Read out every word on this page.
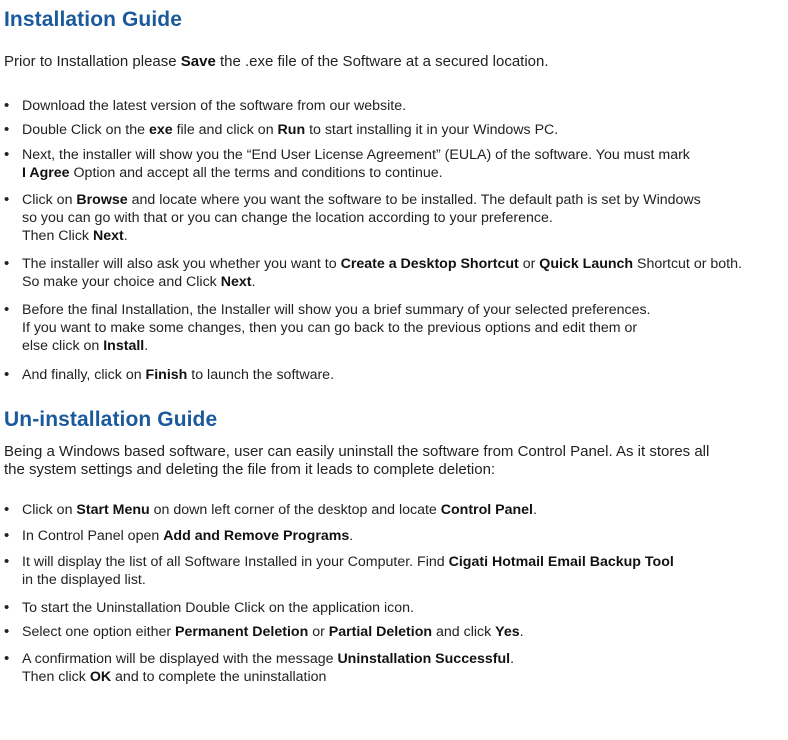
Installation Guide

Prior to Installation please Save the .exe file of the Software at a secured location.

• Download the latest version of the software from our website.
• Double Click on the exe file and click on Run to start installing it in your Windows PC.
• Next, the installer will show you the “End User License Agreement” (EULA) of the software. You must mark
I Agree Option and accept all the terms and conditions to continue.
• Click on Browse and locate where you want the software to be installed. The default path is set by Windows
so you can go with that or you can change the location according to your preference.
Then Click Next.
• The installer will also ask you whether you want to Create a Desktop Shortcut or Quick Launch Shortcut or both.
So make your choice and Click Next.
• Before the final Installation, the Installer will show you a brief summary of your selected preferences.
If you want to make some changes, then you can go back to the previous options and edit them or
else click on Install.
• And finally, click on Finish to launch the software.
Un-installation Guide

Being a Windows based software, user can easily uninstall the software from Control Panel. As it stores all
the system settings and deleting the file from it leads to complete deletion:

• Click on Start Menu on down left corner of the desktop and locate Control Panel.
• In Control Panel open Add and Remove Programs.
• It will display the list of all Software Installed in your Computer. Find Cigati Hotmail Email Backup Tool
in the displayed list.
• To start the Uninstallation Double Click on the application icon.
• Select one option either Permanent Deletion or Partial Deletion and click Yes.
• A confirmation will be displayed with the message Uninstallation Successful.
Then click OK and to complete the uninstallation
